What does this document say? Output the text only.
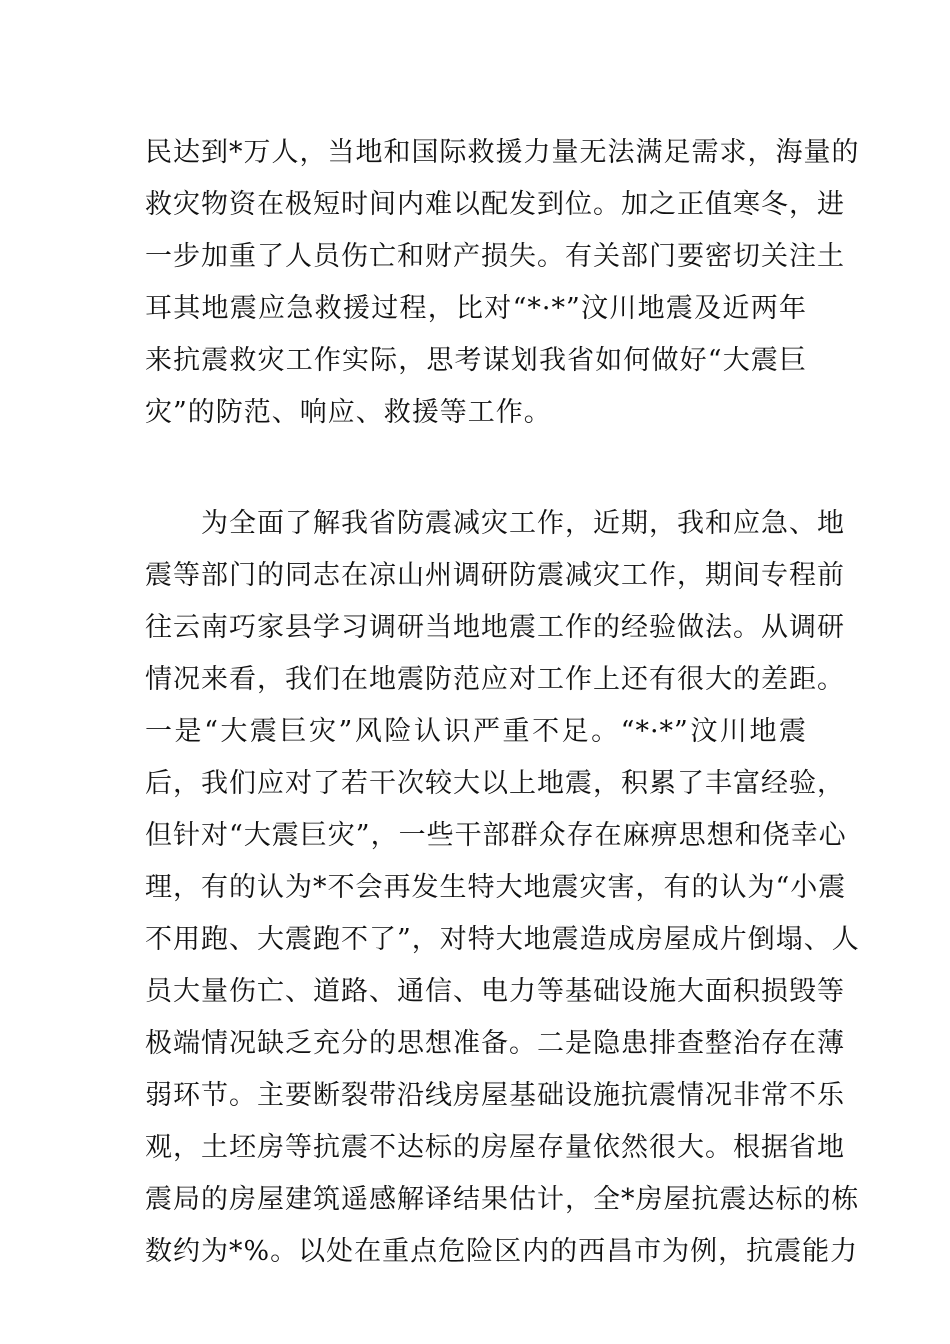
民达到*万人，当地和国际救援力量无法满足需求，海量的
救灾物资在极短时间内难以配发到位。加之正值寒冬，进
一步加重了人员伤亡和财产损失。有关部门要密切关注土
耳其地震应急救援过程，比对“*·*”汶川地震及近两年
来抗震救灾工作实际，思考谋划我省如何做好“大震巨
灾”的防范、响应、救援等工作。
为全面了解我省防震减灾工作，近期，我和应急、地
震等部门的同志在凉山州调研防震减灾工作，期间专程前
往云南巧家县学习调研当地地震工作的经验做法。从调研
情况来看，我们在地震防范应对工作上还有很大的差距。
一是“大震巨灾”风险认识严重不足。“*·*”汶川地震
后，我们应对了若干次较大以上地震，积累了丰富经验，
但针对“大震巨灾”，一些干部群众存在麻痹思想和侥幸心
理，有的认为*不会再发生特大地震灾害，有的认为“小震
不用跑、大震跑不了”，对特大地震造成房屋成片倒塌、人
员大量伤亡、道路、通信、电力等基础设施大面积损毁等
极端情况缺乏充分的思想准备。二是隐患排查整治存在薄
弱环节。主要断裂带沿线房屋基础设施抗震情况非常不乐
观，土坯房等抗震不达标的房屋存量依然很大。根据省地
震局的房屋建筑遥感解译结果估计，全*房屋抗震达标的栋
数约为*%。以处在重点危险区内的西昌市为例，抗震能力
